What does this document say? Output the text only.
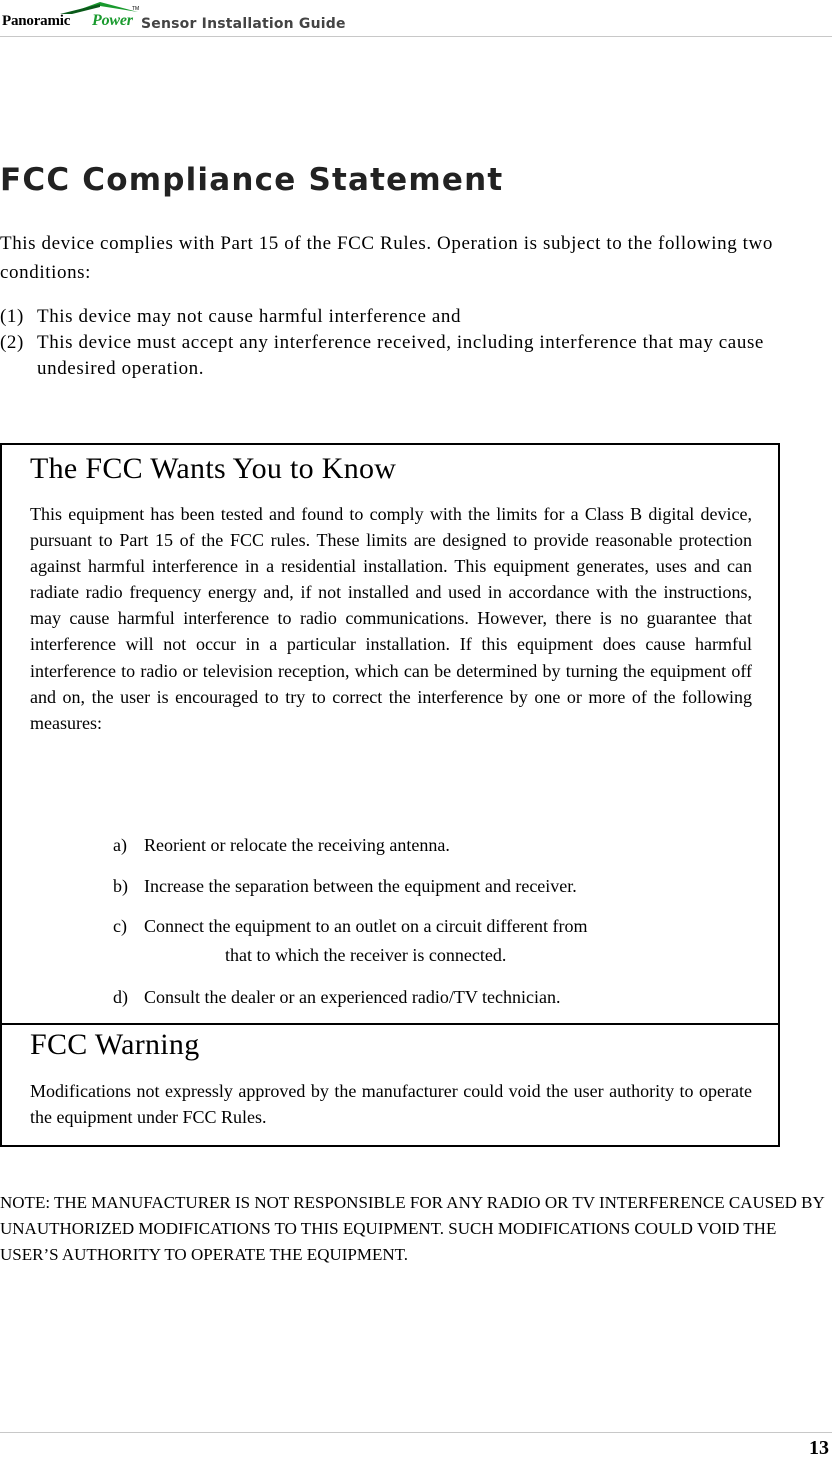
Panoramic Power
TM
Sensor Installation Guide
FCC Compliance Statement

This device complies with Part 15 of the FCC Rules. Operation is subject to the following two conditions:

(1) This device may not cause harmful interference and
(2) This device must accept any interference received, including interference that may cause undesired operation.
The FCC Wants You to Know

This equipment has been tested and found to comply with the limits for a Class B digital device, pursuant to Part 15 of the FCC rules. These limits are designed to provide reasonable protection against harmful interference in a residential installation. This equipment generates, uses and can radiate radio frequency energy and, if not installed and used in accordance with the instructions, may cause harmful interference to radio communications. However, there is no guarantee that interference will not occur in a particular installation. If this equipment does cause harmful interference to radio or television reception, which can be determined by turning the equipment off and on, the user is encouraged to try to correct the interference by one or more of the following measures:

a) Reorient or relocate the receiving antenna.
b) Increase the separation between the equipment and receiver.
c) Connect the equipment to an outlet on a circuit different from
that to which the receiver is connected.
d) Consult the dealer or an experienced radio/TV technician.
FCC Warning

Modifications not expressly approved by the manufacturer could void the user authority to operate the equipment under FCC Rules.

NOTE: THE MANUFACTURER IS NOT RESPONSIBLE FOR ANY RADIO OR TV INTERFERENCE CAUSED BY UNAUTHORIZED MODIFICATIONS TO THIS EQUIPMENT. SUCH MODIFICATIONS COULD VOID THE USER’S AUTHORITY TO OPERATE THE EQUIPMENT.

13
